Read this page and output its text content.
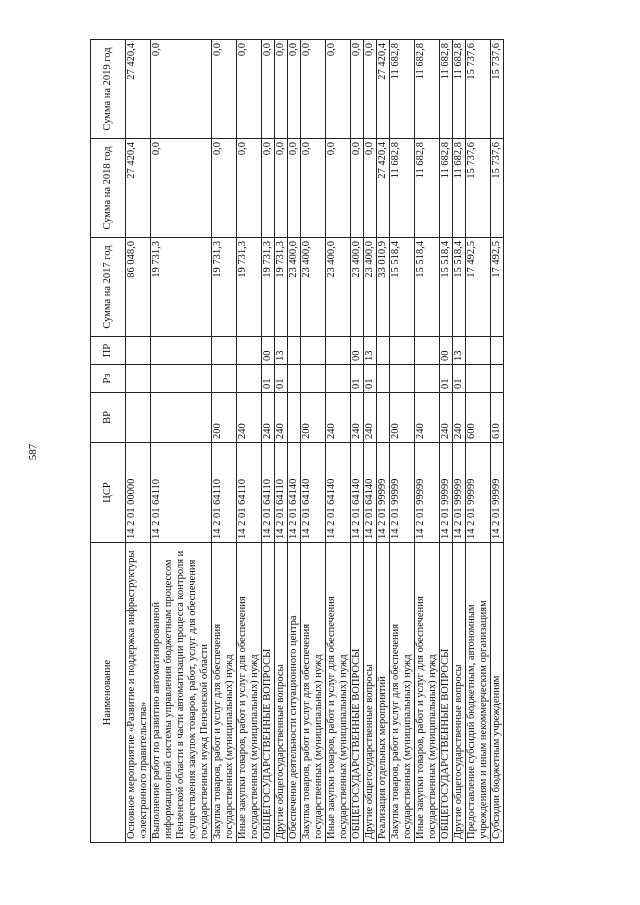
587
Наименование	ЦСР	ВР	Рз	ПР	Сумма на 2017 год	Сумма на 2018 год	Сумма на 2019 год
Основное мероприятие «Развитие и поддержка инфраструктуры «электронного правительства»	14 2 01 00000				86 048,0	27 420,4	27 420,4
Выполнение работ по развитию автоматизированной информационной системы управления бюджетным процессом Пензенской области в части автоматизации процесса контроля и осуществления закупок товаров, работ, услуг для обеспечения государственных нужд Пензенской области	14 2 01 64110				19 731,3	0,0	0,0
Закупка товаров, работ и услуг для обеспечения государственных (муниципальных) нужд	14 2 01 64110	200			19 731,3	0,0	0,0
Иные закупки товаров, работ и услуг для обеспечения государственных (муниципальных) нужд	14 2 01 64110	240			19 731,3	0,0	0,0
ОБЩЕГОСУДАРСТВЕННЫЕ ВОПРОСЫ	14 2 01 64110	240	01	00	19 731,3	0,0	0,0
Другие общегосударственные вопросы	14 2 01 64110	240	01	13	19 731,3	0,0	0,0
Обеспечение деятельности ситуационного центра	14 2 01 64140				23 400,0	0,0	0,0
Закупка товаров, работ и услуг для обеспечения государственных (муниципальных) нужд	14 2 01 64140	200			23 400,0	0,0	0,0
Иные закупки товаров, работ и услуг для обеспечения государственных (муниципальных) нужд	14 2 01 64140	240			23 400,0	0,0	0,0
ОБЩЕГОСУДАРСТВЕННЫЕ ВОПРОСЫ	14 2 01 64140	240	01	00	23 400,0	0,0	0,0
Другие общегосударственные вопросы	14 2 01 64140	240	01	13	23 400,0	0,0	0,0
Реализация отдельных мероприятий	14 2 01 99999				33 010,9	27 420,4	27 420,4
Закупка товаров, работ и услуг для обеспечения государственных (муниципальных) нужд	14 2 01 99999	200			15 518,4	11 682,8	11 682,8
Иные закупки товаров, работ и услуг для обеспечения государственных (муниципальных) нужд	14 2 01 99999	240			15 518,4	11 682,8	11 682,8
ОБЩЕГОСУДАРСТВЕННЫЕ ВОПРОСЫ	14 2 01 99999	240	01	00	15 518,4	11 682,8	11 682,8
Другие общегосударственные вопросы	14 2 01 99999	240	01	13	15 518,4	11 682,8	11 682,8
Предоставление субсидий бюджетным, автономным учреждениям и иным некоммерческим организациям	14 2 01 99999	600			17 492,5	15 737,6	15 737,6
Субсидии бюджетным учреждениям	14 2 01 99999	610			17 492,5	15 737,6	15 737,6
